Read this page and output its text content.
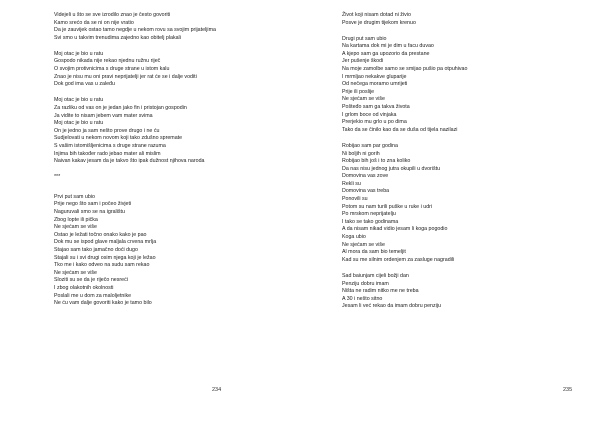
Videjeli u što se sve izrodilo znao je često govoriti
Kamo srećo da se ni on nije vratio
Da je zauvijek ostao tamo negdje u nekom rovu sa svojim prijateljima
Svi smo u takvim trenudima zajedno kao obitelj plakali
Moj otac je bio u ratu
Gospodo nikada nije rekao njednu ružnu riječ
O svojim protivnicima s druge strane u istom kalu
Znao je nisu mu oni pravi neprijatelji jer rat će se i dalje voditi
Dok god ima vas u zaleđu
Moj otac je bio u ratu
Za razliku od vas on je jedan jako fin i pristojan gospodin
Ja vidite to nisam jebem vam mater svima
Moj otac je bio u ratu
On je jedno ja sam nešto prove drugo i ne ću
Sudjelovati u nekom novom koji tako zdušno spremate
S vašim istomišljenicima s druge strane razuma
Injima bih također rado jebao mater ali mislim
Naivan kakav jesam da je takvo što ipak dužnost njihova naroda
***
Prvi put sam ubio
Prije nego što sam i počeo živjeti
Naguruvali smo se na igralištu
Zbog lopte ili pička
Ne sjećam se više
Ostao je ležati točno onako kako je pao
Dok mu se ispod glave maljala crvena mrlja
Stajao sam tako jamačno doći dugo
Stajali su i svi drugi osim njega koji je ležao
Tko me i kako odveo na sudu sam rekao
Ne sjećam se više
Sloziti su se da je riječo nesreći
I zbog olakotnih okolnosti
Poslali me u dom za maloljetnike
Ne ću vam dalje govoriti kako je tamo bilo
234
Život koji nisam dotad ni živio
Posve je drugim tijekom krenuo
Drugi put sam ubio
Na kartama dok mi je dim u facu duvao
A kjepo sam ga upozorio da prestane
Jer pušenje škodi
Na moje zamolbe samo se smijao pušio pa otpuhivao
I mrmljao nekakve gluparije
Od nečega moramo umrijeti
Prije ili poslije
Ne sjećam se više
Pošteđo sam ga takva života
I grlom boce od vinjaka
Prerjekio mu grlo u po dima
Tako da se činilo kao da se duša od tijela nazilazi
Robijao sam par godina
Ni boljih ni gorih
Robijao bih još i to zna koliko
Da nas nisu jednog jutra okupili u dvorištu
Domovina vas zove
Rekli su
Domovina vas treba
Ponovili su
Potom su nam turili puške u ruke i udri
Po mrskom neprijatelju
I tako se tako godinama
A da nisam nikad vidio jesam li koga pogodio
Koga ubio
Ne sjećam se više
Al mora da sam bio temeljit
Kad su me silnim ordenjem za zasluge nagradili
Sad baiunjam cijeli božji dan
Penziju dobru imam
Ništa ne radim nitko me ne treba
A 30 i nešto sitno
Jesam li već rekao da imam dobru penziju
235
